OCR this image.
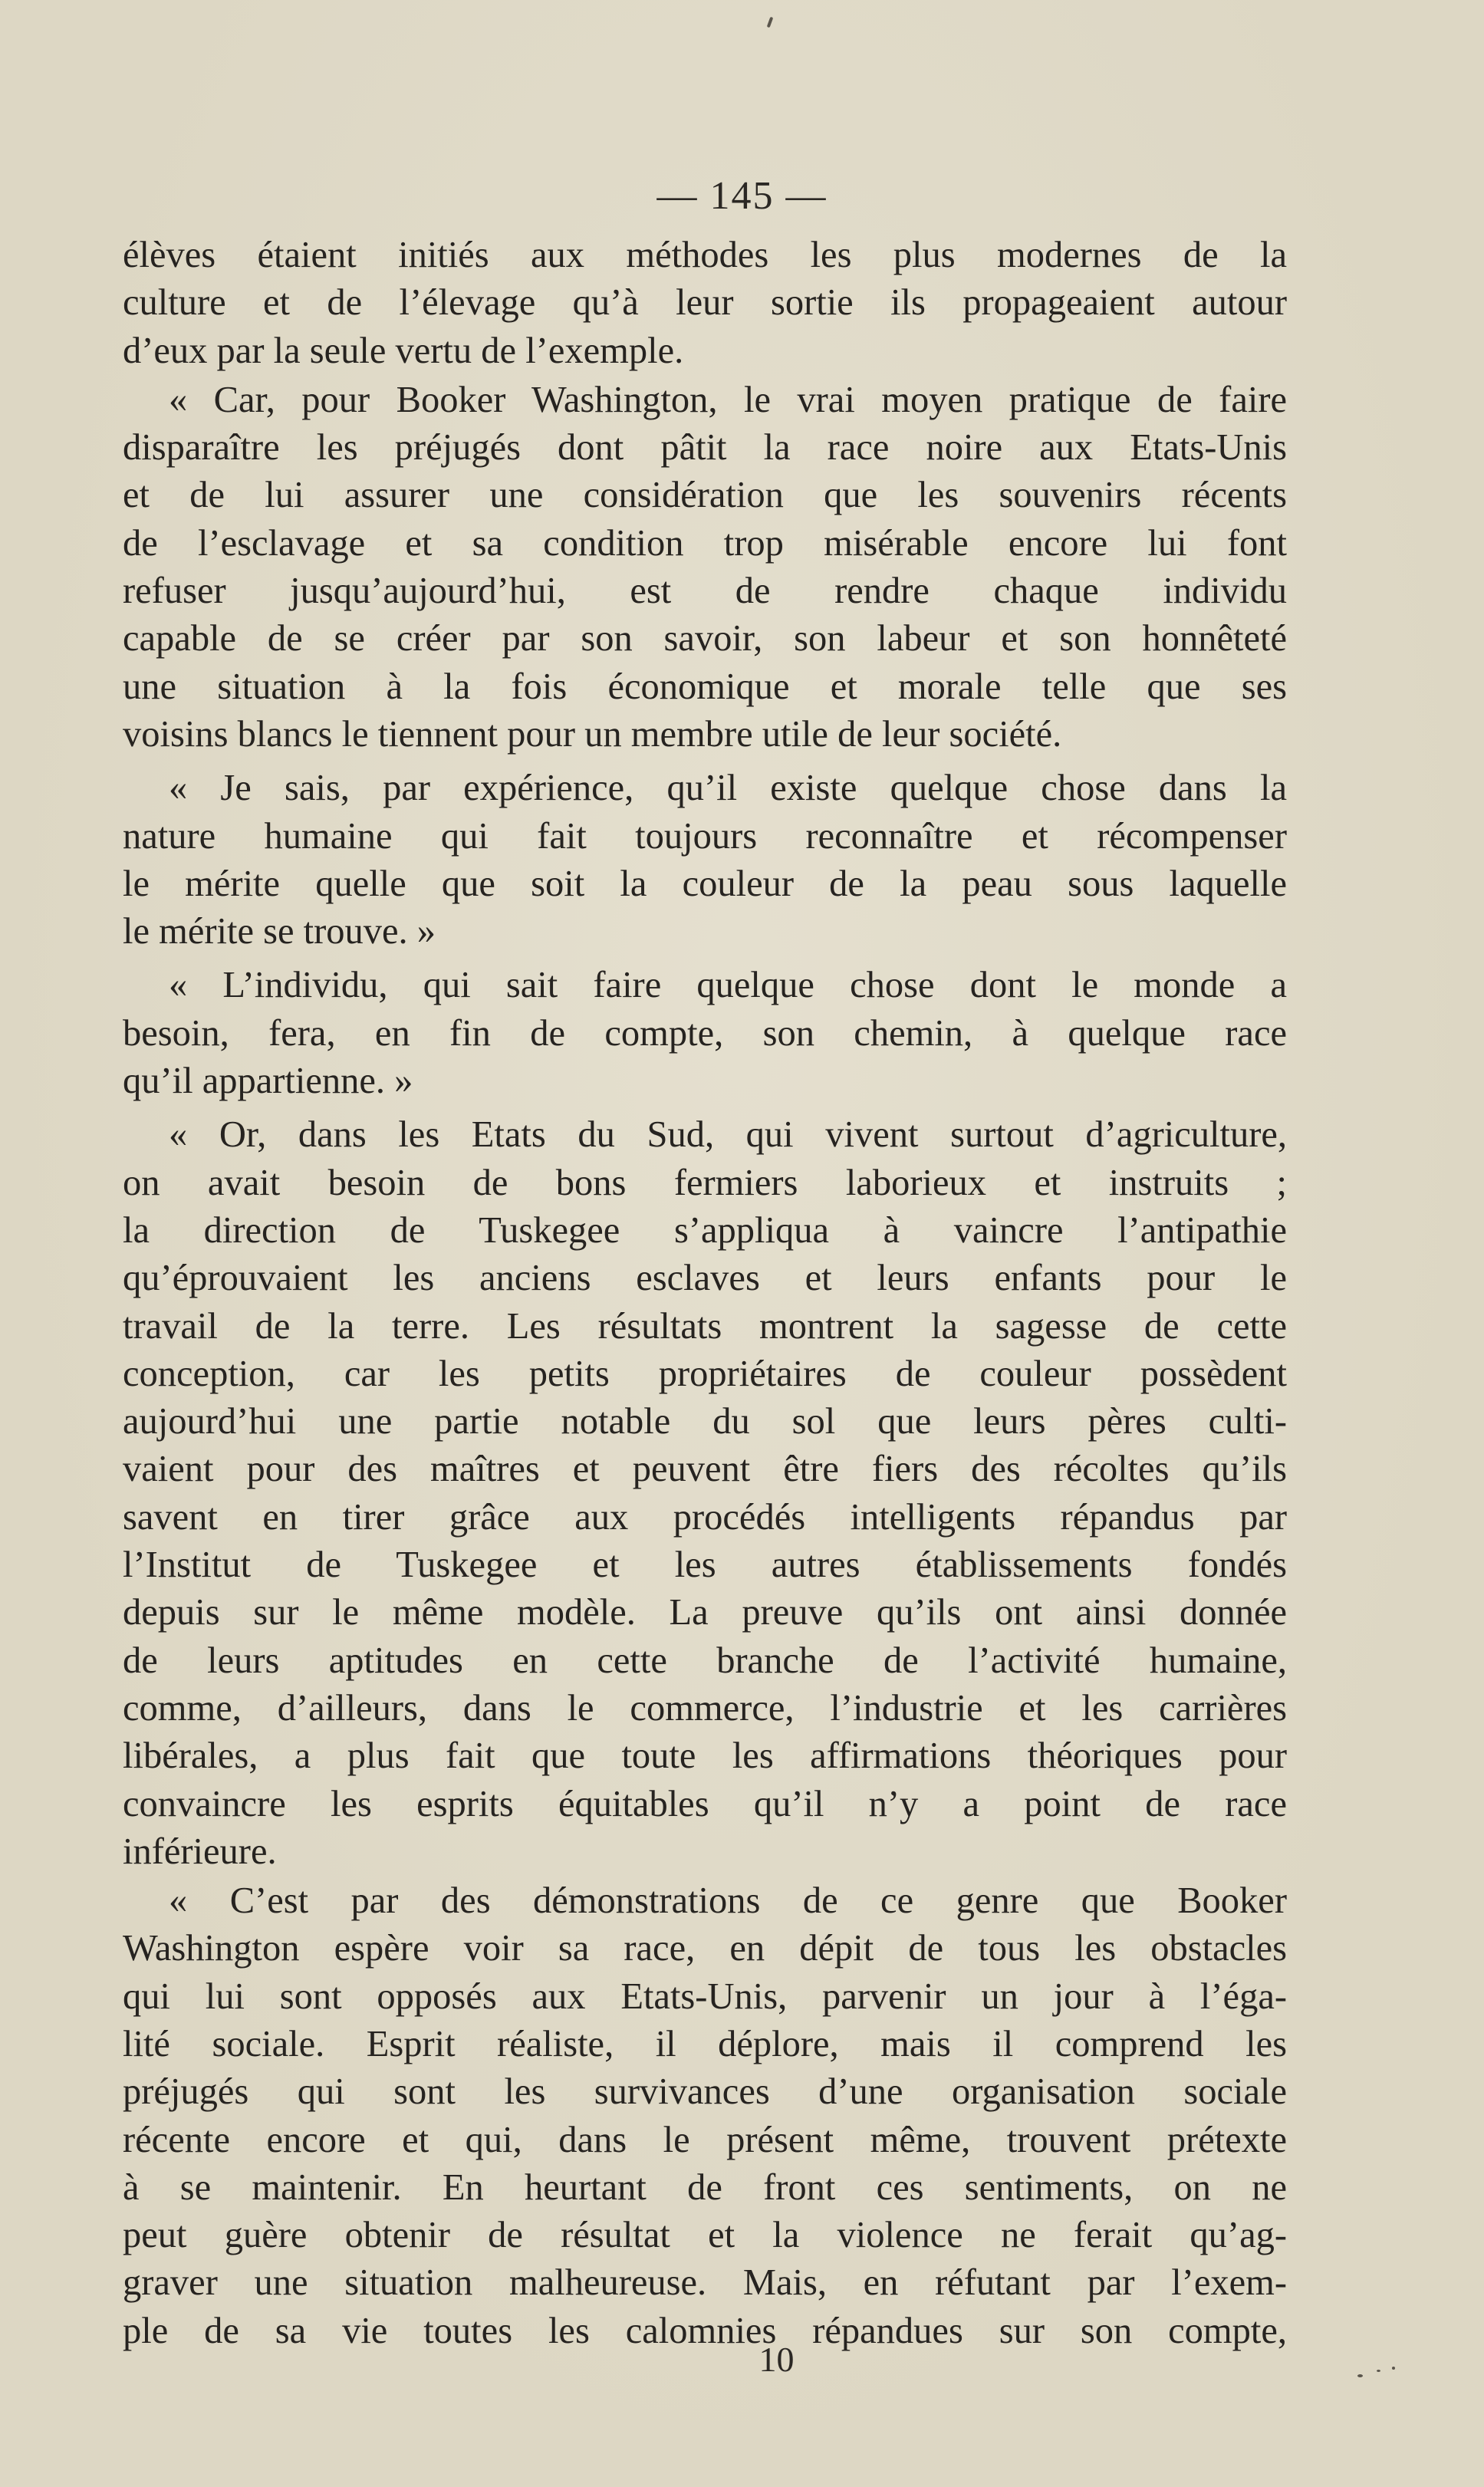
— 145 —
élèves étaient initiés aux méthodes les plus modernes de la
culture et de l’élevage qu’à leur sortie ils propageaient autour
d’eux par la seule vertu de l’exemple.
« Car, pour Booker Washington, le vrai moyen pratique de faire
disparaître les préjugés dont pâtit la race noire aux Etats-Unis
et de lui assurer une considération que les souvenirs récents
de l’esclavage et sa condition trop misérable encore lui font
refuser jusqu’aujourd’hui, est de rendre chaque individu
capable de se créer par son savoir, son labeur et son honnêteté
une situation à la fois économique et morale telle que ses
voisins blancs le tiennent pour un membre utile de leur société.
« Je sais, par expérience, qu’il existe quelque chose dans la
nature humaine qui fait toujours reconnaître et récompenser
le mérite quelle que soit la couleur de la peau sous laquelle
le mérite se trouve. »
« L’individu, qui sait faire quelque chose dont le monde a
besoin, fera, en fin de compte, son chemin, à quelque race
qu’il appartienne. »
« Or, dans les Etats du Sud, qui vivent surtout d’agriculture,
on avait besoin de bons fermiers laborieux et instruits ;
la direction de Tuskegee s’appliqua à vaincre l’antipathie
qu’éprouvaient les anciens esclaves et leurs enfants pour le
travail de la terre. Les résultats montrent la sagesse de cette
conception, car les petits propriétaires de couleur possèdent
aujourd’hui une partie notable du sol que leurs pères culti-
vaient pour des maîtres et peuvent être fiers des récoltes qu’ils
savent en tirer grâce aux procédés intelligents répandus par
l’Institut de Tuskegee et les autres établissements fondés
depuis sur le même modèle. La preuve qu’ils ont ainsi donnée
de leurs aptitudes en cette branche de l’activité humaine,
comme, d’ailleurs, dans le commerce, l’industrie et les carrières
libérales, a plus fait que toute les affirmations théoriques pour
convaincre les esprits équitables qu’il n’y a point de race
inférieure.
« C’est par des démonstrations de ce genre que Booker
Washington espère voir sa race, en dépit de tous les obstacles
qui lui sont opposés aux Etats-Unis, parvenir un jour à l’éga-
lité sociale. Esprit réaliste, il déplore, mais il comprend les
préjugés qui sont les survivances d’une organisation sociale
récente encore et qui, dans le présent même, trouvent prétexte
à se maintenir. En heurtant de front ces sentiments, on ne
peut guère obtenir de résultat et la violence ne ferait qu’ag-
graver une situation malheureuse. Mais, en réfutant par l’exem-
ple de sa vie toutes les calomnies répandues sur son compte,
10
